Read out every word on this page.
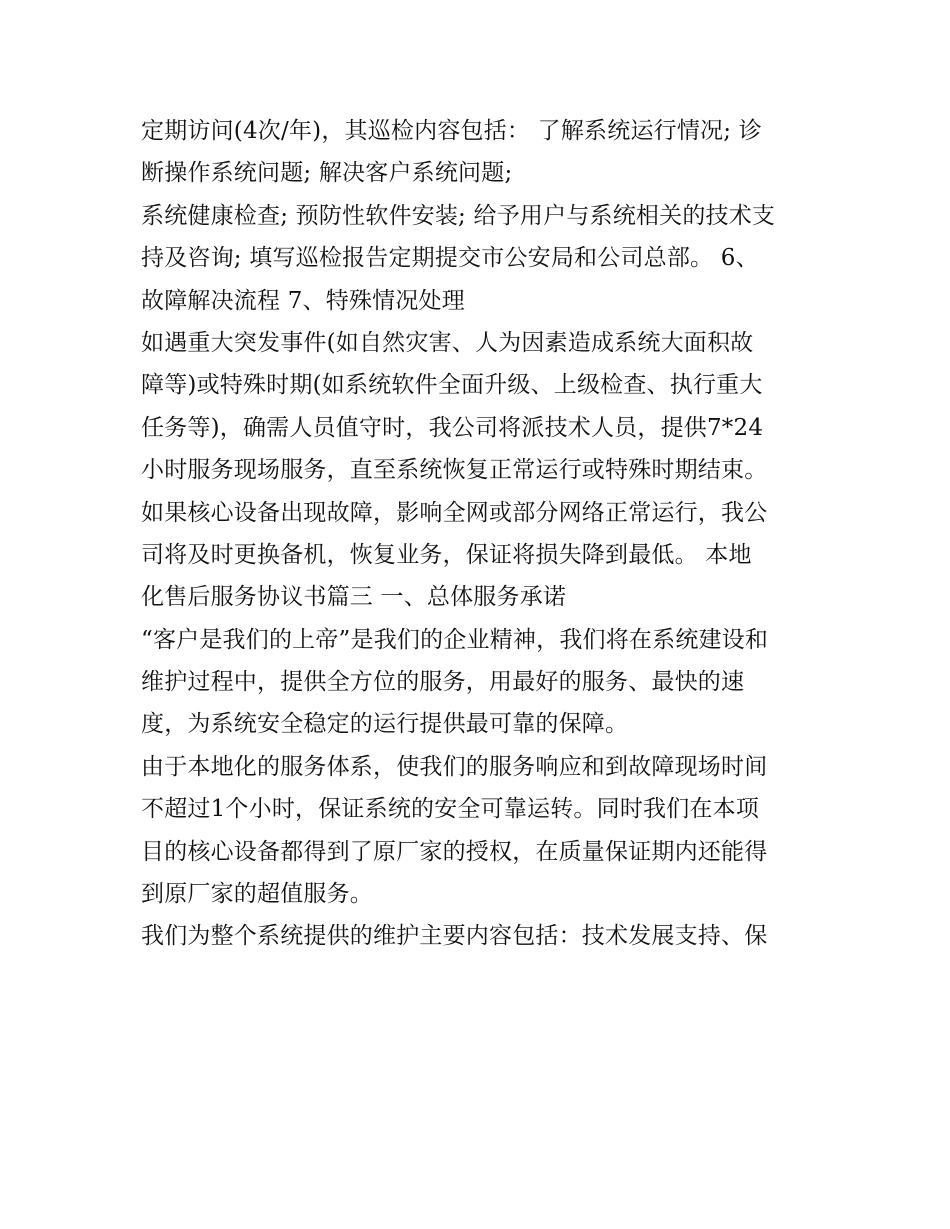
定期访问(4次/年)，其巡检内容包括： 了解系统运行情况; 诊
断操作系统问题; 解决客户系统问题;
系统健康检查; 预防性软件安装; 给予用户与系统相关的技术支
持及咨询; 填写巡检报告定期提交市公安局和公司总部。 6、
故障解决流程 7、特殊情况处理
如遇重大突发事件(如自然灾害、人为因素造成系统大面积故
障等)或特殊时期(如系统软件全面升级、上级检查、执行重大
任务等)，确需人员值守时，我公司将派技术人员，提供7*24
小时服务现场服务，直至系统恢复正常运行或特殊时期结束。
如果核心设备出现故障，影响全网或部分网络正常运行，我公
司将及时更换备机，恢复业务，保证将损失降到最低。 本地
化售后服务协议书篇三 一、总体服务承诺
“客户是我们的上帝”是我们的企业精神，我们将在系统建设和
维护过程中，提供全方位的服务，用最好的服务、最快的速
度，为系统安全稳定的运行提供最可靠的保障。
由于本地化的服务体系，使我们的服务响应和到故障现场时间
不超过1个小时，保证系统的安全可靠运转。同时我们在本项
目的核心设备都得到了原厂家的授权，在质量保证期内还能得
到原厂家的超值服务。
我们为整个系统提供的维护主要内容包括：技术发展支持、保
